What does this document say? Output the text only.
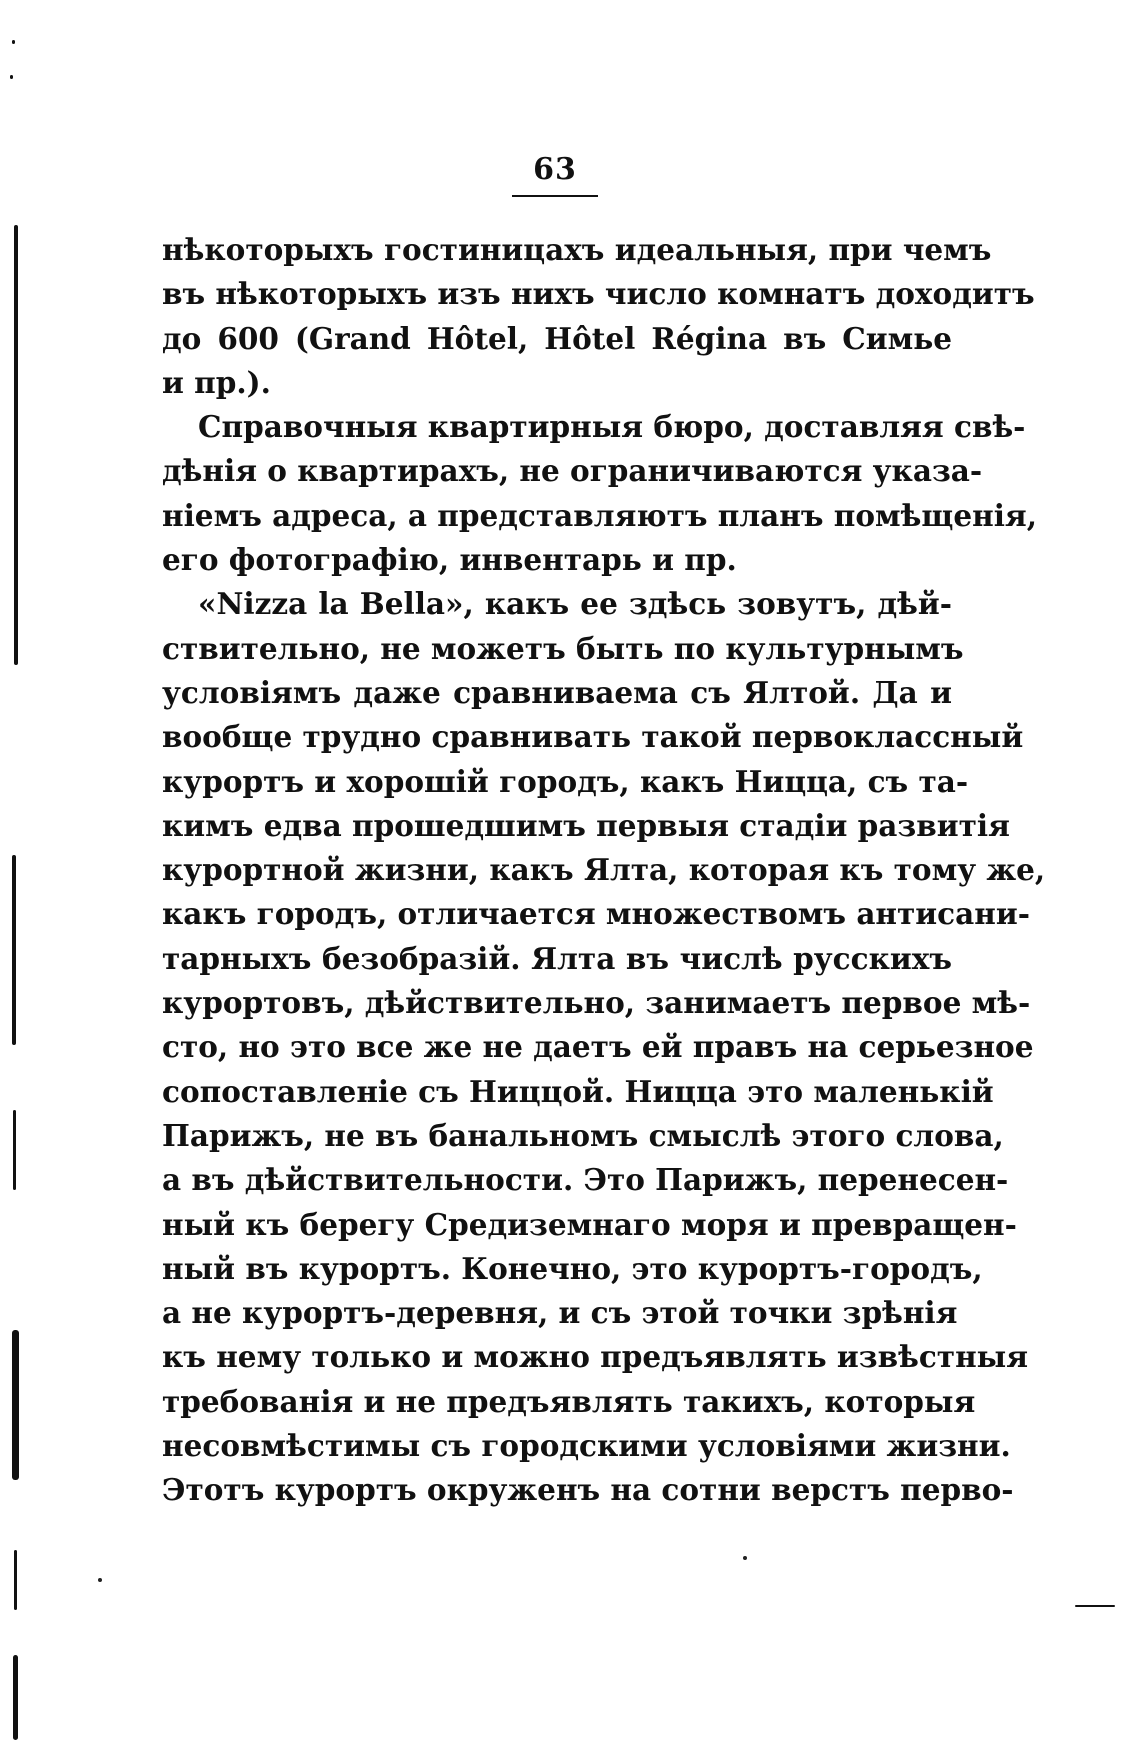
63
нѣкоторыхъ гостиницахъ идеальныя, при чемъ
въ нѣкоторыхъ изъ нихъ число комнатъ доходитъ
до 600 (Grand Hôtel, Hôtel Régina въ Симье
и пр.).
Справочныя квартирныя бюро, доставляя свѣ-
дѣнія о квартирахъ, не ограничиваются указа-
ніемъ адреса, а представляютъ планъ помѣщенія,
его фотографію, инвентарь и пр.
«Nizza la Bella», какъ ее здѣсь зовутъ, дѣй-
ствительно, не можетъ быть по культурнымъ
условіямъ даже сравниваема съ Ялтой. Да и
вообще трудно сравнивать такой первоклассный
курортъ и хорошій городъ, какъ Ницца, съ та-
кимъ едва прошедшимъ первыя стадіи развитія
курортной жизни, какъ Ялта, которая къ тому же,
какъ городъ, отличается множествомъ антисани-
тарныхъ безобразій. Ялта въ числѣ русскихъ
курортовъ, дѣйствительно, занимаетъ первое мѣ-
сто, но это все же не даетъ ей правъ на серьезное
сопоставленіе съ Ниццой. Ницца это маленькій
Парижъ, не въ банальномъ смыслѣ этого слова,
а въ дѣйствительности. Это Парижъ, перенесен-
ный къ берегу Средиземнаго моря и превращен-
ный въ курортъ. Конечно, это курортъ-городъ,
а не курортъ-деревня, и съ этой точки зрѣнія
къ нему только и можно предъявлять извѣстныя
требованія и не предъявлять такихъ, которыя
несовмѣстимы съ городскими условіями жизни.
Этотъ курортъ окруженъ на сотни верстъ перво-
